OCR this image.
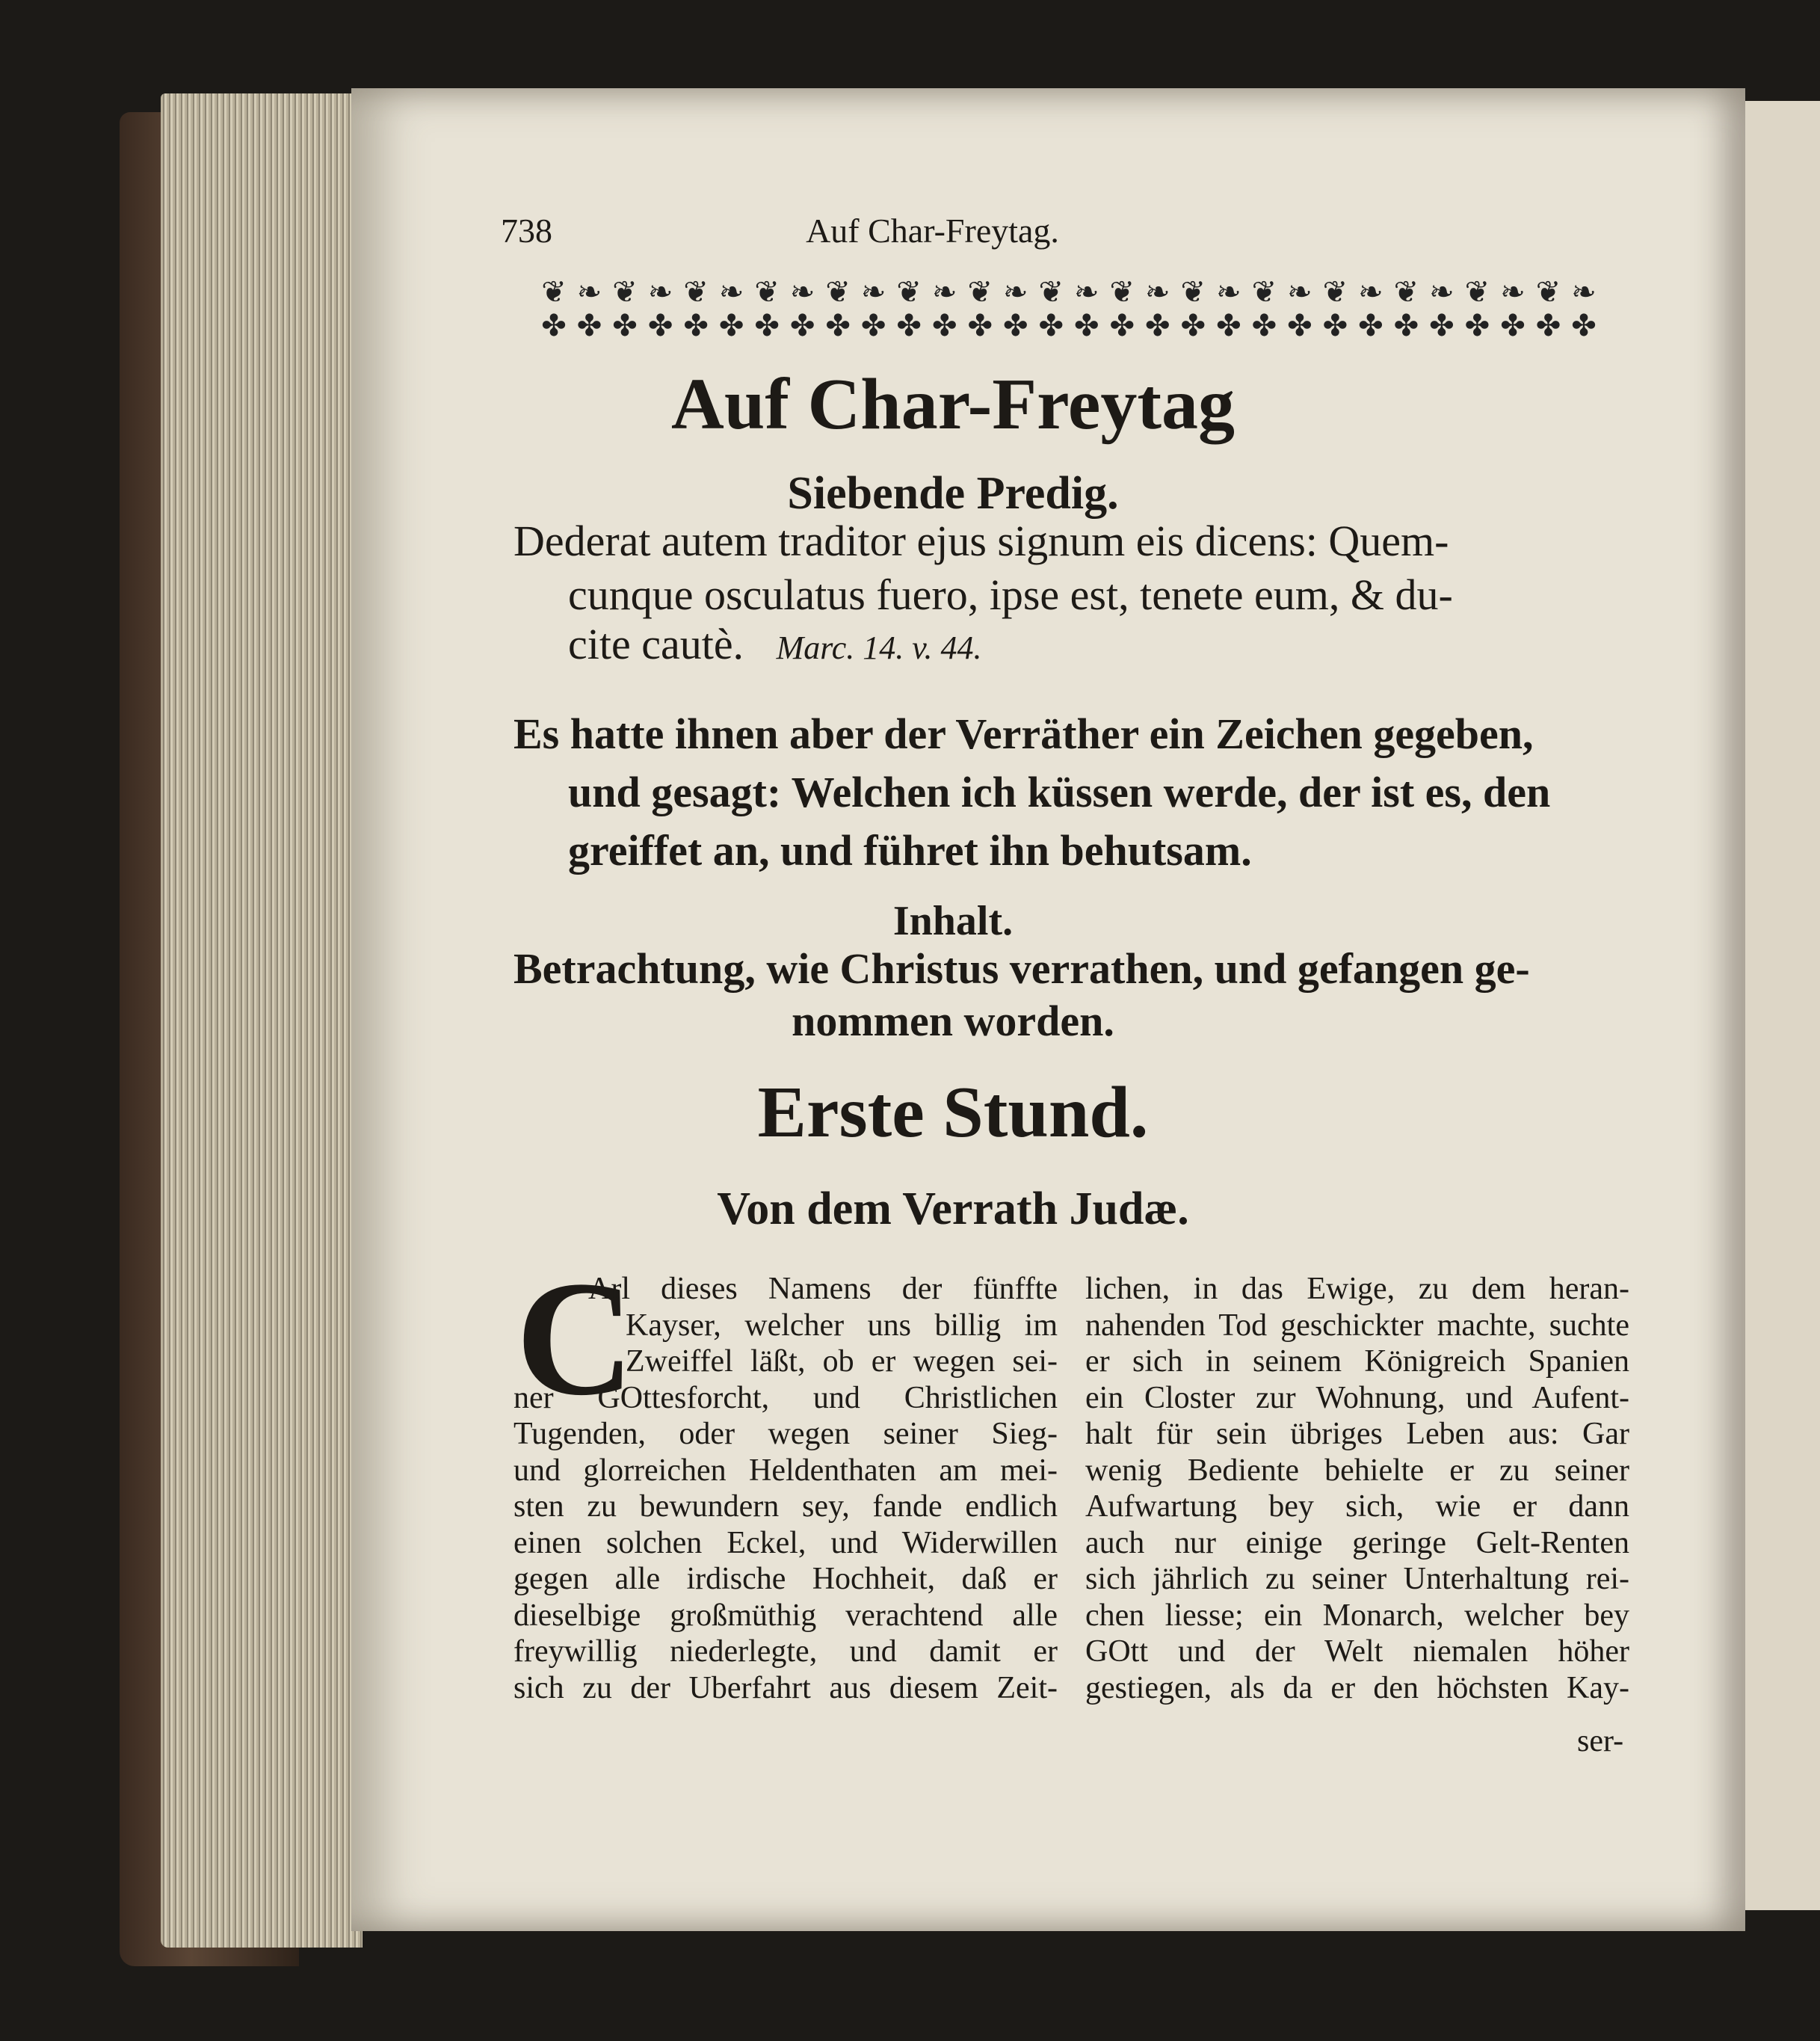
738	Auf Char-Freytag.
❦ ❧ ❦ ❧ ❦ ❧ ❦ ❧ ❦ ❧ ❦ ❧ ❦ ❧ ❦ ❧ ❦ ❧ ❦ ❧ ❦ ❧ ❦ ❧ ❦ ❧ ❦ ❧ ❦ ❧
✤ ✤ ✤ ✤ ✤ ✤ ✤ ✤ ✤ ✤ ✤ ✤ ✤ ✤ ✤ ✤ ✤ ✤ ✤ ✤ ✤ ✤ ✤ ✤ ✤ ✤ ✤ ✤ ✤ ✤
Auf Char-Freytag
Siebende Predig.
Dederat autem traditor ejus signum eis dicens: Quem-
cunque osculatus fuero, ipse est, tenete eum, & du-
cite cautè. Marc. 14. v. 44.
Es hatte ihnen aber der Verräther ein Zeichen gegeben,
und gesagt: Welchen ich küssen werde, der ist es, den
greiffet an, und führet ihn behutsam.
Inhalt.
Betrachtung, wie Christus verrathen, und gefangen ge-
nommen worden.
Erste Stund.
Von dem Verrath Judæ.
C
Arl dieses Namens der fünffte
Kayser, welcher uns billig im
Zweiffel läßt, ob er wegen sei-
ner GOttesforcht, und Christlichen
Tugenden, oder wegen seiner Sieg-
und glorreichen Heldenthaten am mei-
sten zu bewundern sey, fande endlich
einen solchen Eckel, und Widerwillen
gegen alle irdische Hochheit, daß er
dieselbige großmüthig verachtend alle
freywillig niederlegte, und damit er
sich zu der Uberfahrt aus diesem Zeit-
lichen, in das Ewige, zu dem heran-
nahenden Tod geschickter machte, suchte
er sich in seinem Königreich Spanien
ein Closter zur Wohnung, und Aufent-
halt für sein übriges Leben aus: Gar
wenig Bediente behielte er zu seiner
Aufwartung bey sich, wie er dann
auch nur einige geringe Gelt-Renten
sich jährlich zu seiner Unterhaltung rei-
chen liesse; ein Monarch, welcher bey
GOtt und der Welt niemalen höher
gestiegen, als da er den höchsten Kay-
ser-
